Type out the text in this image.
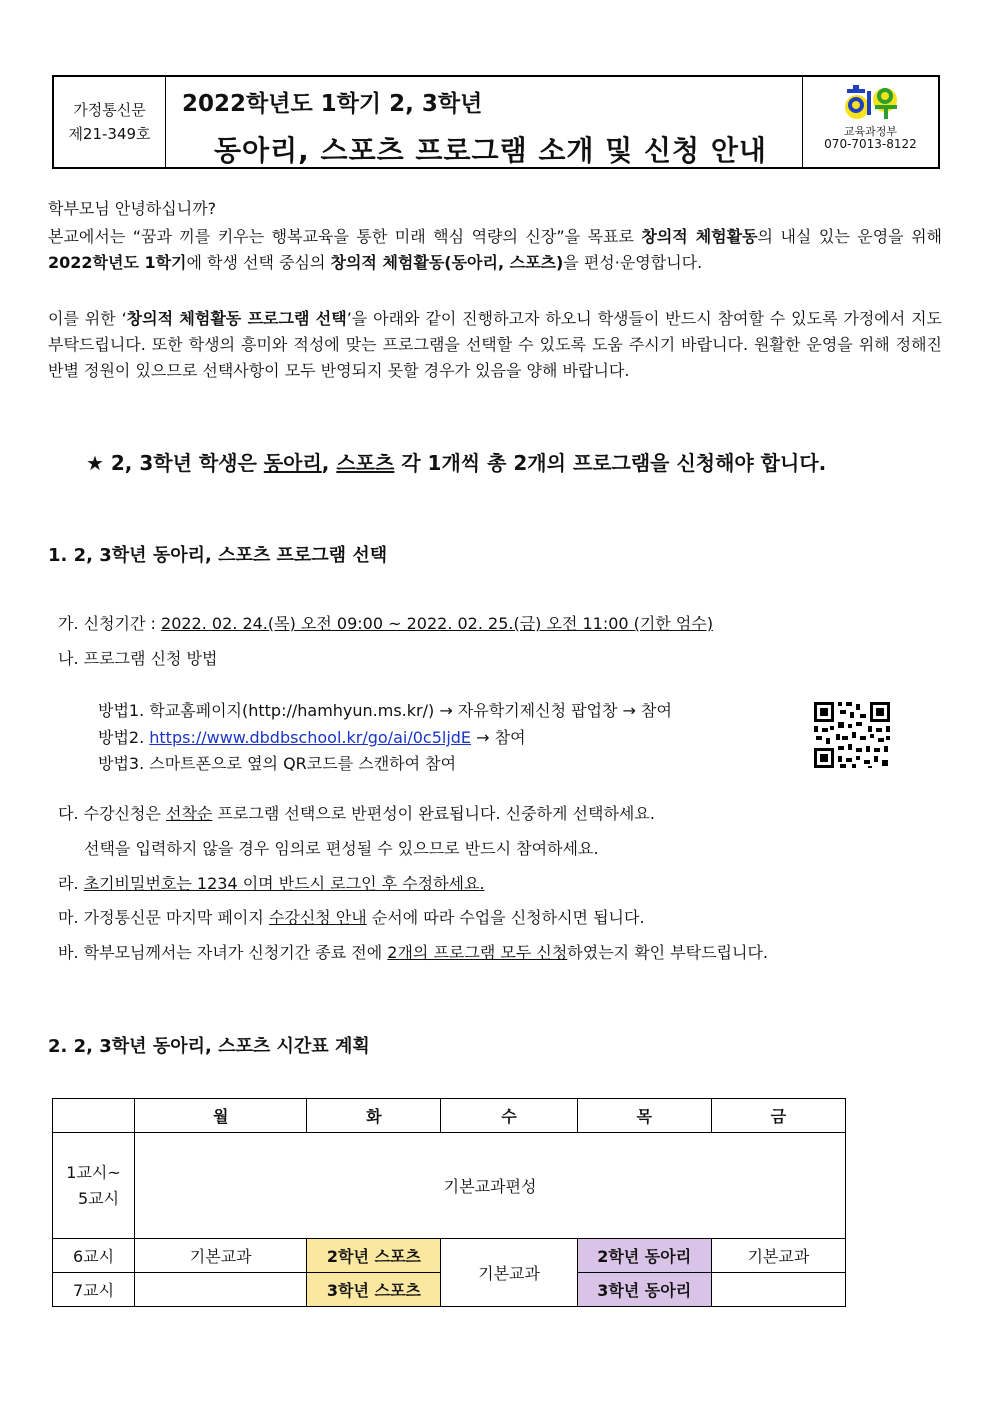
가정통신문
제21-349호
2022학년도 1학기 2, 3학년
동아리, 스포츠 프로그램 소개 및 신청 안내
교육과정부
070-7013-8122
학부모님 안녕하십니까?
본교에서는 “꿈과 끼를 키우는 행복교육을 통한 미래 핵심 역량의 신장”을 목표로 창의적 체험활동의 내실 있는 운영을 위해 2022학년도 1학기에 학생 선택 중심의 창의적 체험활동(동아리, 스포츠)을 편성·운영합니다.
이를 위한 ‘창의적 체험활동 프로그램 선택’을 아래와 같이 진행하고자 하오니 학생들이 반드시 참여할 수 있도록 가정에서 지도 부탁드립니다. 또한 학생의 흥미와 적성에 맞는 프로그램을 선택할 수 있도록 도움 주시기 바랍니다. 원활한 운영을 위해 정해진 반별 정원이 있으므로 선택사항이 모두 반영되지 못할 경우가 있음을 양해 바랍니다.
★ 2, 3학년 학생은 동아리, 스포츠 각 1개씩 총 2개의 프로그램을 신청해야 합니다.
1. 2, 3학년 동아리, 스포츠 프로그램 선택
가. 신청기간 : 2022. 02. 24.(목) 오전 09:00 ~ 2022. 02. 25.(금) 오전 11:00 (기한 엄수)
나. 프로그램 신청 방법
방법1. 학교홈페이지(http://hamhyun.ms.kr/) → 자유학기제신청 팝업창 → 참여
방법2. https://www.dbdbschool.kr/go/ai/0c5ljdE → 참여
방법3. 스마트폰으로 옆의 QR코드를 스캔하여 참여
다. 수강신청은 선착순 프로그램 선택으로 반편성이 완료됩니다. 신중하게 선택하세요.
선택을 입력하지 않을 경우 임의로 편성될 수 있으므로 반드시 참여하세요.
라. 초기비밀번호는 1234 이며 반드시 로그인 후 수정하세요.
마. 가정통신문 마지막 페이지 수강신청 안내 순서에 따라 수업을 신청하시면 됩니다.
바. 학부모님께서는 자녀가 신청기간 종료 전에 2개의 프로그램 모두 신청하였는지 확인 부탁드립니다.
2. 2, 3학년 동아리, 스포츠 시간표 계획
	월	화	수	목	금

1교시~
5교시	기본교과편성				
6교시	기본교과	2학년 스포츠	기본교과	2학년 동아리	기본교과
7교시		3학년 스포츠		3학년 동아리	
